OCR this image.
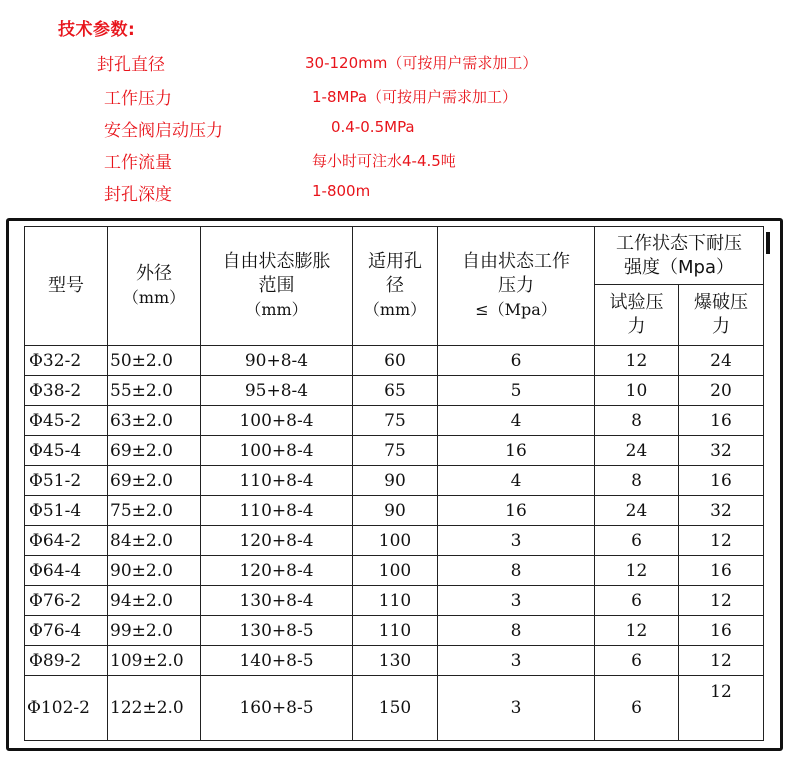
技术参数:
封孔直径	30-120mm（可按用户需求加工）
工作压力	1-8MPa（可按用户需求加工）
安全阀启动压力	0.4-0.5MPa
工作流量	每小时可注水4-4.5吨
封孔深度	1-800m
型号	
外径
（mm）

自由状态膨胀
范围
（mm）

适用孔
径
（mm）

自由状态工作
压力
≤（Mpa）

工作状态下耐压
强度（Mpa）

试验压
力

爆破压
力

Φ32-2	50±2.0	90+8-4	60	6	12	24
Φ38-2	55±2.0	95+8-4	65	5	10	20
Φ45-2	63±2.0	100+8-4	75	4	8	16
Φ45-4	69±2.0	100+8-4	75	16	24	32
Φ51-2	69±2.0	110+8-4	90	4	8	16
Φ51-4	75±2.0	110+8-4	90	16	24	32
Φ64-2	84±2.0	120+8-4	100	3	6	12
Φ64-4	90±2.0	120+8-4	100	8	12	16
Φ76-2	94±2.0	130+8-4	110	3	6	12
Φ76-4	99±2.0	130+8-5	110	8	12	16
Φ89-2	109±2.0	140+8-5	130	3	6	12
Φ102-2	122±2.0	160+8-5	150	3	6	12
